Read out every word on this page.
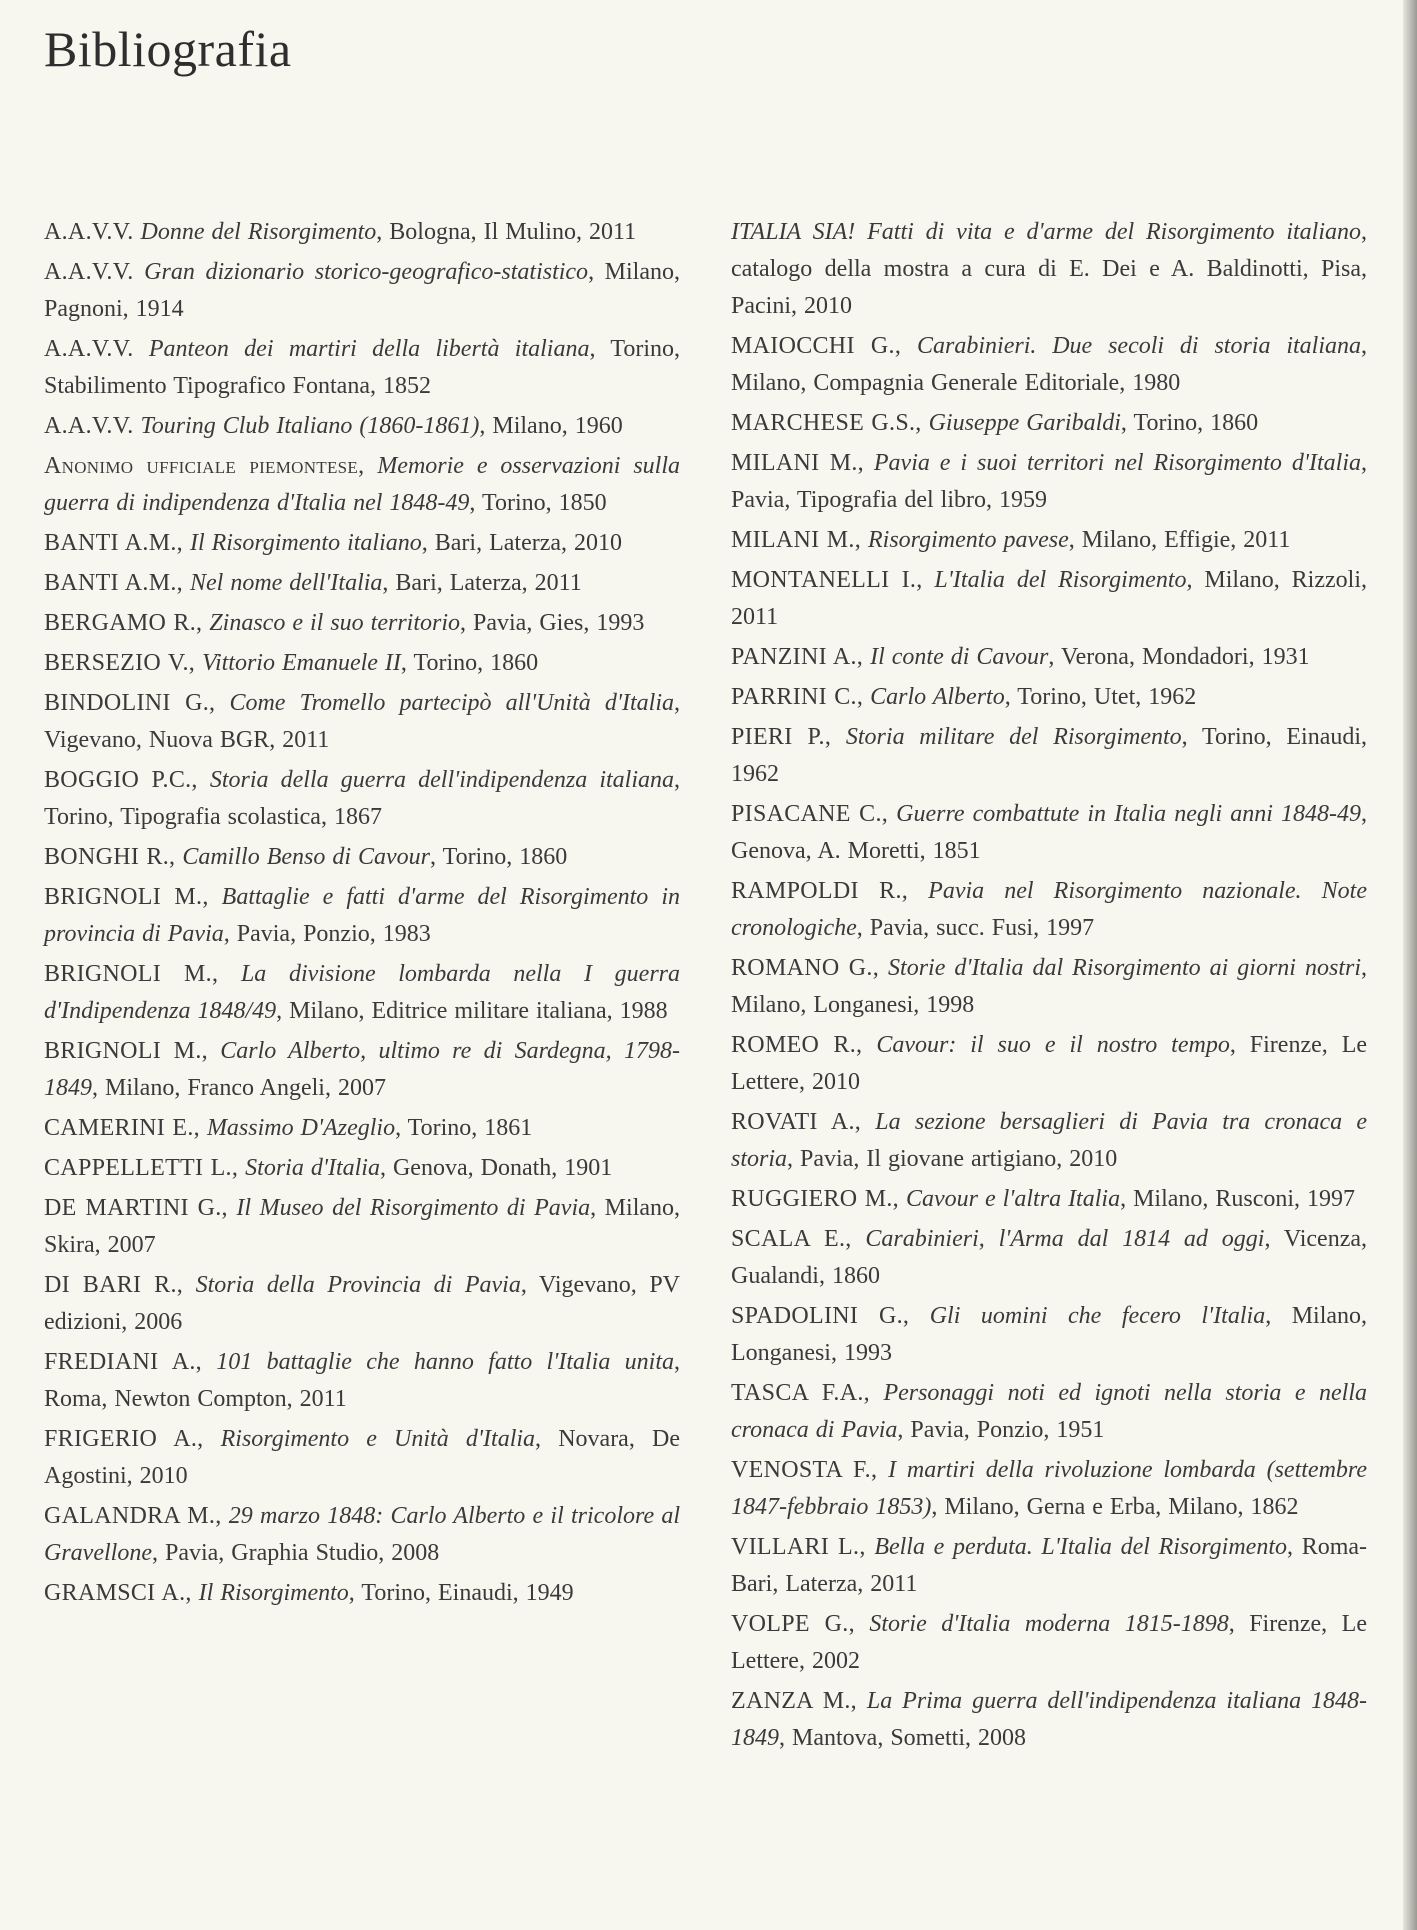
Bibliografia

A.A.V.V. Donne del Risorgimento, Bologna, Il Mulino, 2011

A.A.V.V. Gran dizionario storico-geografico-statistico, Milano, Pagnoni, 1914

A.A.V.V. Panteon dei martiri della libertà italiana, Torino, Stabilimento Tipografico Fontana, 1852

A.A.V.V. Touring Club Italiano (1860-1861), Milano, 1960

Anonimo ufficiale piemontese, Memorie e osservazioni sulla guerra di indipendenza d'Italia nel 1848-49, Torino, 1850

BANTI A.M., Il Risorgimento italiano, Bari, Laterza, 2010

BANTI A.M., Nel nome dell'Italia, Bari, Laterza, 2011

BERGAMO R., Zinasco e il suo territorio, Pavia, Gies, 1993

BERSEZIO V., Vittorio Emanuele II, Torino, 1860

BINDOLINI G., Come Tromello partecipò all'Unità d'Italia, Vigevano, Nuova BGR, 2011

BOGGIO P.C., Storia della guerra dell'indipendenza italiana, Torino, Tipografia scolastica, 1867

BONGHI R., Camillo Benso di Cavour, Torino, 1860

BRIGNOLI M., Battaglie e fatti d'arme del Risorgimento in provincia di Pavia, Pavia, Ponzio, 1983

BRIGNOLI M., La divisione lombarda nella I guerra d'Indipendenza 1848/49, Milano, Editrice militare italiana, 1988

BRIGNOLI M., Carlo Alberto, ultimo re di Sardegna, 1798-1849, Milano, Franco Angeli, 2007

CAMERINI E., Massimo D'Azeglio, Torino, 1861

CAPPELLETTI L., Storia d'Italia, Genova, Donath, 1901

DE MARTINI G., Il Museo del Risorgimento di Pavia, Milano, Skira, 2007

DI BARI R., Storia della Provincia di Pavia, Vigevano, PV edizioni, 2006

FREDIANI A., 101 battaglie che hanno fatto l'Italia unita, Roma, Newton Compton, 2011

FRIGERIO A., Risorgimento e Unità d'Italia, Novara, De Agostini, 2010

GALANDRA M., 29 marzo 1848: Carlo Alberto e il tricolore al Gravellone, Pavia, Graphia Studio, 2008

GRAMSCI A., Il Risorgimento, Torino, Einaudi, 1949

ITALIA SIA! Fatti di vita e d'arme del Risorgimento italiano, catalogo della mostra a cura di E. Dei e A. Baldinotti, Pisa, Pacini, 2010

MAIOCCHI G., Carabinieri. Due secoli di storia italiana, Milano, Compagnia Generale Editoriale, 1980

MARCHESE G.S., Giuseppe Garibaldi, Torino, 1860

MILANI M., Pavia e i suoi territori nel Risorgimento d'Italia, Pavia, Tipografia del libro, 1959

MILANI M., Risorgimento pavese, Milano, Effigie, 2011

MONTANELLI I., L'Italia del Risorgimento, Milano, Rizzoli, 2011

PANZINI A., Il conte di Cavour, Verona, Mondadori, 1931

PARRINI C., Carlo Alberto, Torino, Utet, 1962

PIERI P., Storia militare del Risorgimento, Torino, Einaudi, 1962

PISACANE C., Guerre combattute in Italia negli anni 1848-49, Genova, A. Moretti, 1851

RAMPOLDI R., Pavia nel Risorgimento nazionale. Note cronologiche, Pavia, succ. Fusi, 1997

ROMANO G., Storie d'Italia dal Risorgimento ai giorni nostri, Milano, Longanesi, 1998

ROMEO R., Cavour: il suo e il nostro tempo, Firenze, Le Lettere, 2010

ROVATI A., La sezione bersaglieri di Pavia tra cronaca e storia, Pavia, Il giovane artigiano, 2010

RUGGIERO M., Cavour e l'altra Italia, Milano, Rusconi, 1997

SCALA E., Carabinieri, l'Arma dal 1814 ad oggi, Vicenza, Gualandi, 1860

SPADOLINI G., Gli uomini che fecero l'Italia, Milano, Longanesi, 1993

TASCA F.A., Personaggi noti ed ignoti nella storia e nella cronaca di Pavia, Pavia, Ponzio, 1951

VENOSTA F., I martiri della rivoluzione lombarda (settembre 1847-febbraio 1853), Milano, Gerna e Erba, Milano, 1862

VILLARI L., Bella e perduta. L'Italia del Risorgimento, Roma-Bari, Laterza, 2011

VOLPE G., Storie d'Italia moderna 1815-1898, Firenze, Le Lettere, 2002

ZANZA M., La Prima guerra dell'indipendenza italiana 1848-1849, Mantova, Sometti, 2008
